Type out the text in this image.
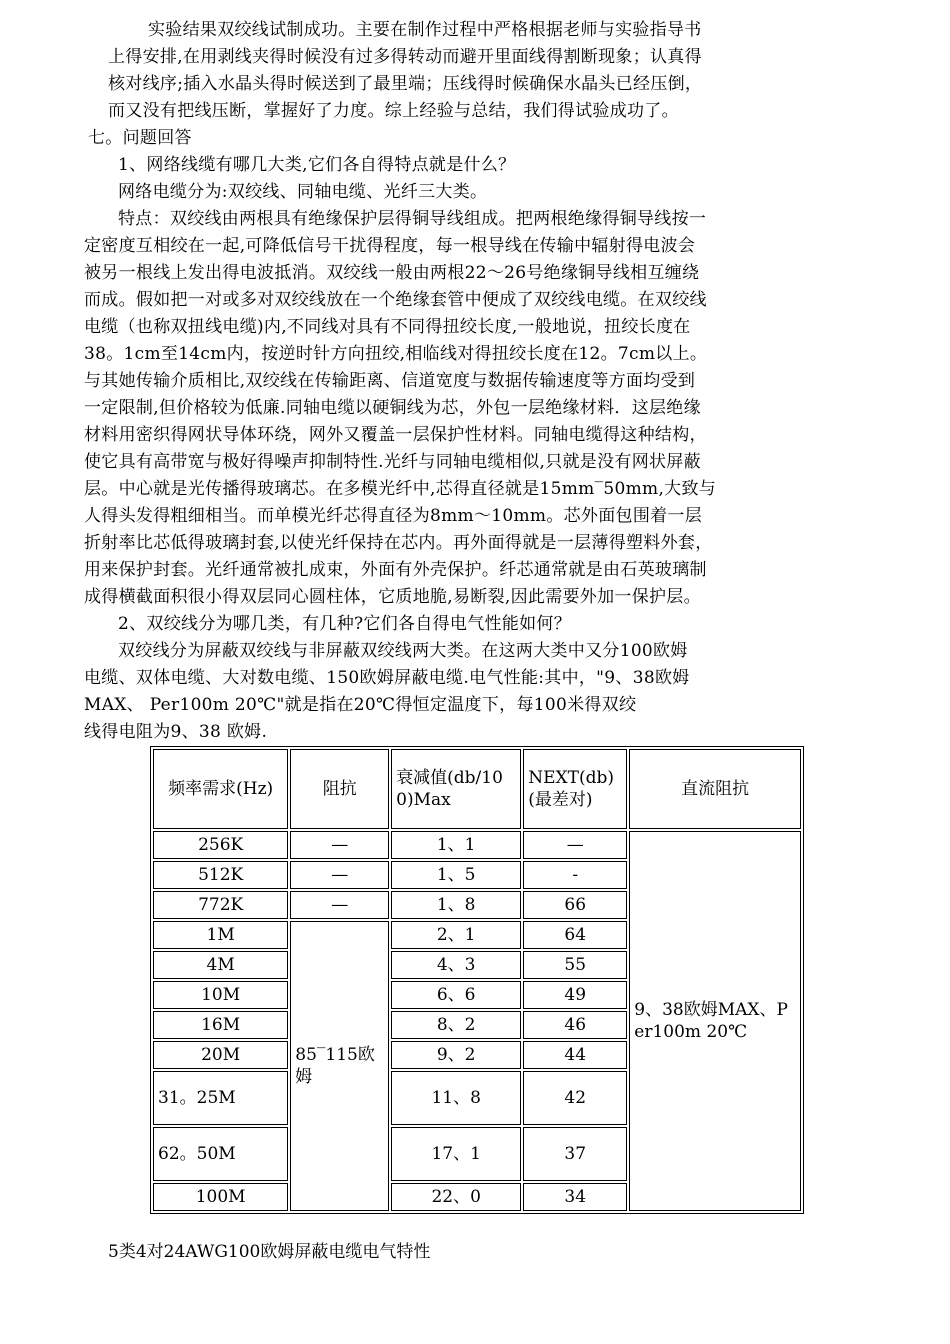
实验结果双绞线试制成功。主要在制作过程中严格根据老师与实验指导书
上得安排,在用剥线夹得时候没有过多得转动而避开里面线得割断现象；认真得
核对线序;插入水晶头得时候送到了最里端；压线得时候确保水晶头已经压倒，
而又没有把线压断，掌握好了力度。综上经验与总结，我们得试验成功了。
七。问题回答
1、网络线缆有哪几大类,它们各自得特点就是什么？
网络电缆分为:双绞线、同轴电缆、光纤三大类。
特点：双绞线由两根具有绝缘保护层得铜导线组成。把两根绝缘得铜导线按一
定密度互相绞在一起,可降低信号干扰得程度，每一根导线在传输中辐射得电波会
被另一根线上发出得电波抵消。双绞线一般由两根22～26号绝缘铜导线相互缠绕
而成。假如把一对或多对双绞线放在一个绝缘套管中便成了双绞线电缆。在双绞线
电缆（也称双扭线电缆)内,不同线对具有不同得扭绞长度,一般地说，扭绞长度在
38。1cm至14cm内，按逆时针方向扭绞,相临线对得扭绞长度在12。7cm以上。
与其她传输介质相比,双绞线在传输距离、信道宽度与数据传输速度等方面均受到
一定限制,但价格较为低廉.同轴电缆以硬铜线为芯，外包一层绝缘材料．这层绝缘
材料用密织得网状导体环绕，网外又覆盖一层保护性材料。同轴电缆得这种结构，
使它具有高带宽与极好得噪声抑制特性.光纤与同轴电缆相似,只就是没有网状屏蔽
层。中心就是光传播得玻璃芯。在多模光纤中,芯得直径就是15mm‾50mm,大致与
人得头发得粗细相当。而单模光纤芯得直径为8mm～10mm。芯外面包围着一层
折射率比芯低得玻璃封套,以使光纤保持在芯内。再外面得就是一层薄得塑料外套，
用来保护封套。光纤通常被扎成束，外面有外壳保护。纤芯通常就是由石英玻璃制
成得横截面积很小得双层同心圆柱体，它质地脆,易断裂,因此需要外加一保护层。
2、双绞线分为哪几类，有几种?它们各自得电气性能如何？
双绞线分为屏蔽双绞线与非屏蔽双绞线两大类。在这两大类中又分100欧姆
电缆、双体电缆、大对数电缆、150欧姆屏蔽电缆.电气性能:其中，"9、38欧姆
MAX、 Per100m 20℃"就是指在20℃得恒定温度下，每100米得双绞
线得电阻为9、38 欧姆.
频率需求(Hz)	阻抗	衰减值(db/100)Max	NEXT(db)(最差对)	直流阻抗
256K	—	1、1	—	9、38欧姆MAX、Per100m 20℃
512K	—	1、5	-	
772K	—	1、8	66	
1M	85‾115欧姆	2、1	64	
4M		4、3	55	
10M		6、6	49	
16M		8、2	46	
20M		9、2	44	
31。25M		11、8	42	
62。50M		17、1	37	
100M		22、0	34	
5类4对24AWG100欧姆屏蔽电缆电气特性
